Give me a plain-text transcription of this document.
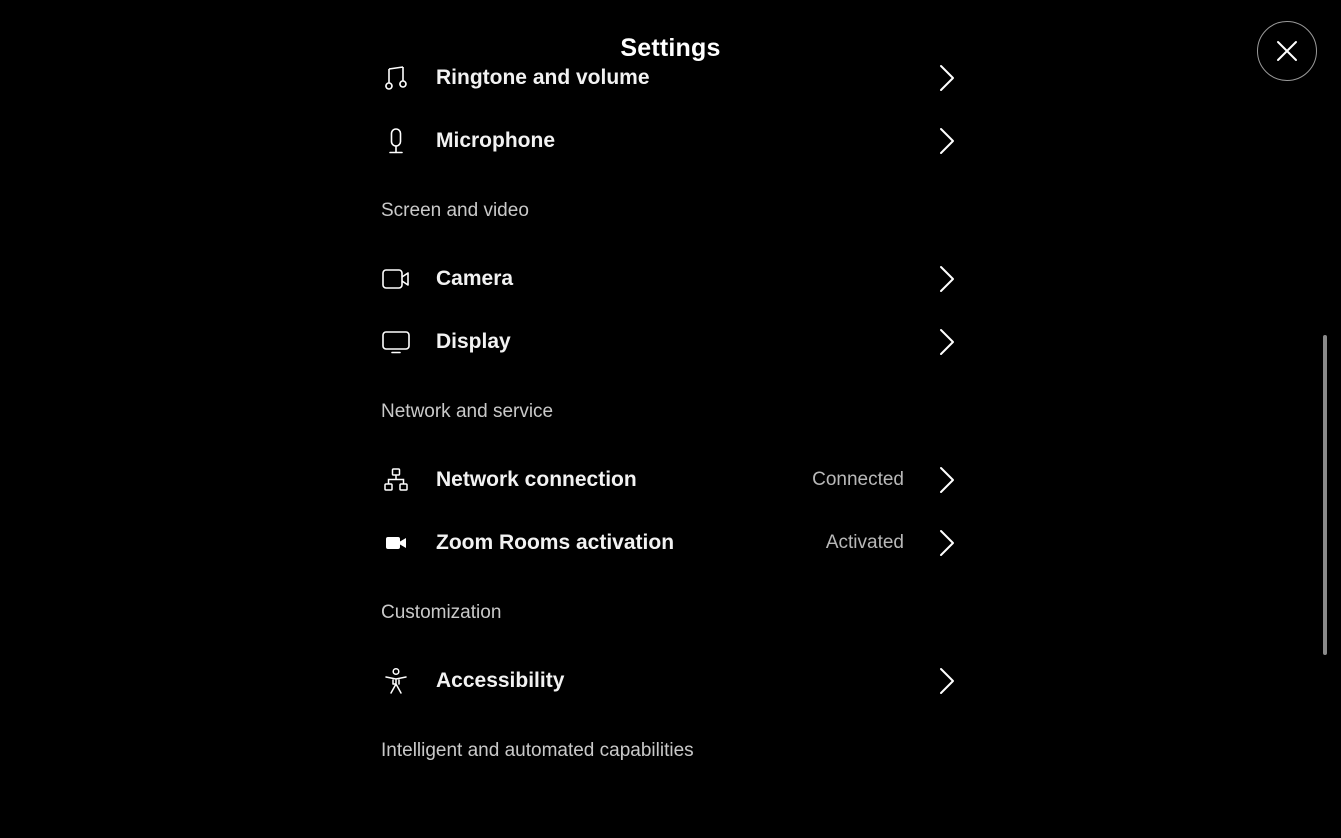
Settings
Ringtone and volume
Microphone
Screen and video
Camera
Display
Network and service
Network connection	Connected
Zoom Rooms activation	Activated
Customization
Accessibility
Intelligent and automated capabilities
